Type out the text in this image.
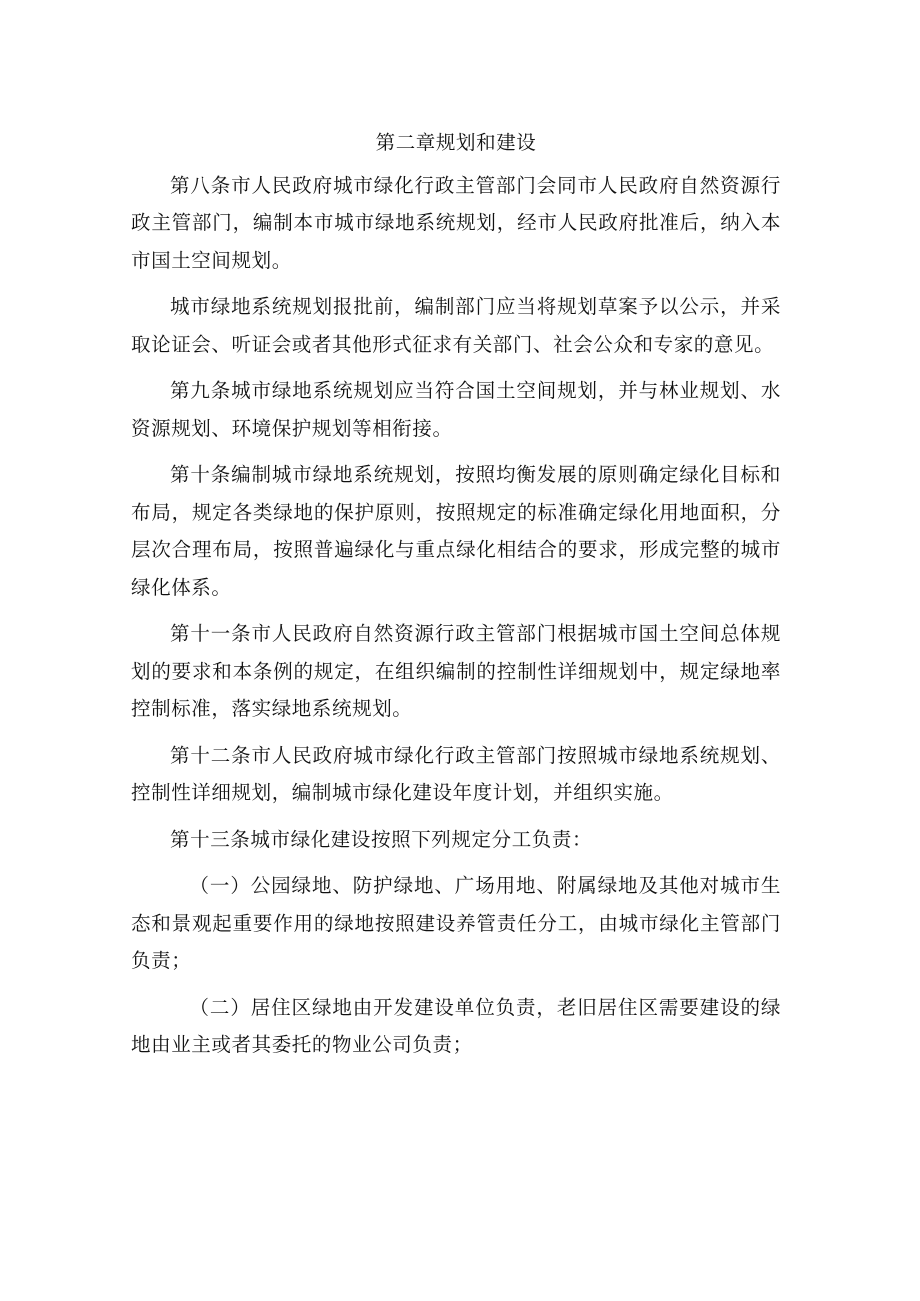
第二章规划和建设

第八条市人民政府城市绿化行政主管部门会同市人民政府自然资源行政主管部门，编制本市城市绿地系统规划，经市人民政府批准后，纳入本市国土空间规划。

城市绿地系统规划报批前，编制部门应当将规划草案予以公示，并采取论证会、听证会或者其他形式征求有关部门、社会公众和专家的意见。

第九条城市绿地系统规划应当符合国土空间规划，并与林业规划、水资源规划、环境保护规划等相衔接。

第十条编制城市绿地系统规划，按照均衡发展的原则确定绿化目标和布局，规定各类绿地的保护原则，按照规定的标准确定绿化用地面积，分层次合理布局，按照普遍绿化与重点绿化相结合的要求，形成完整的城市绿化体系。

第十一条市人民政府自然资源行政主管部门根据城市国土空间总体规划的要求和本条例的规定，在组织编制的控制性详细规划中，规定绿地率控制标准，落实绿地系统规划。

第十二条市人民政府城市绿化行政主管部门按照城市绿地系统规划、控制性详细规划，编制城市绿化建设年度计划，并组织实施。

第十三条城市绿化建设按照下列规定分工负责：

（一）公园绿地、防护绿地、广场用地、附属绿地及其他对城市生态和景观起重要作用的绿地按照建设养管责任分工，由城市绿化主管部门负责；

（二）居住区绿地由开发建设单位负责，老旧居住区需要建设的绿地由业主或者其委托的物业公司负责；
